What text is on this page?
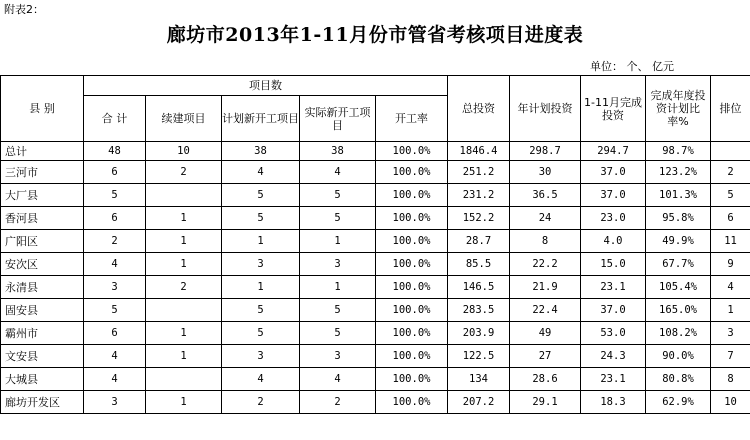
附表2：
廊坊市2013年1-11月份市管省考核项目进度表
单位： 个、 亿元
县 别	项目数					总投资	年计划投资	1-11月完成投资	完成年度投资计划比率%	排位
	合 计	续建项目	计划新开工项目	实际新开工项目	开工率					
总计	48	10	38	38	100.0%	1846.4	298.7	294.7	98.7%	
三河市	6	2	4	4	100.0%	251.2	30	37.0	123.2%	2
大厂县	5		5	5	100.0%	231.2	36.5	37.0	101.3%	5
香河县	6	1	5	5	100.0%	152.2	24	23.0	95.8%	6
广阳区	2	1	1	1	100.0%	28.7	8	4.0	49.9%	11
安次区	4	1	3	3	100.0%	85.5	22.2	15.0	67.7%	9
永清县	3	2	1	1	100.0%	146.5	21.9	23.1	105.4%	4
固安县	5		5	5	100.0%	283.5	22.4	37.0	165.0%	1
霸州市	6	1	5	5	100.0%	203.9	49	53.0	108.2%	3
文安县	4	1	3	3	100.0%	122.5	27	24.3	90.0%	7
大城县	4		4	4	100.0%	134	28.6	23.1	80.8%	8
廊坊开发区	3	1	2	2	100.0%	207.2	29.1	18.3	62.9%	10
